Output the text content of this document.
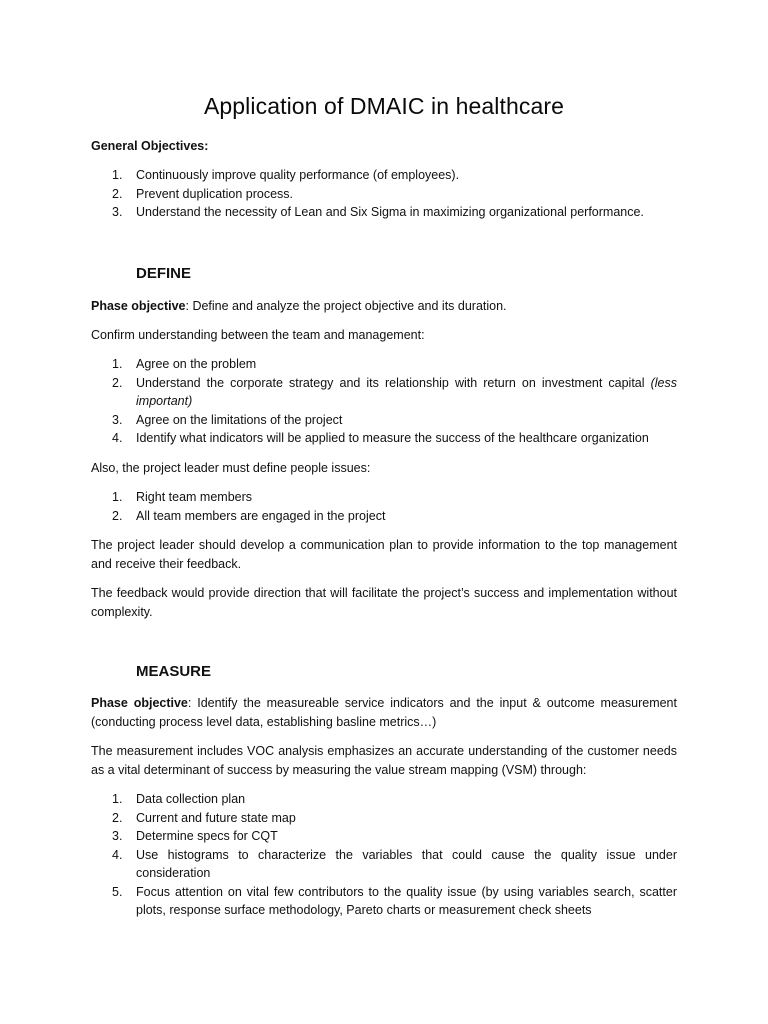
Application of DMAIC in healthcare
General Objectives:
1. Continuously improve quality performance (of employees).
2. Prevent duplication process.
3. Understand the necessity of Lean and Six Sigma in maximizing organizational performance.
DEFINE
Phase objective: Define and analyze the project objective and its duration.
Confirm understanding between the team and management:
1. Agree on the problem
2. Understand the corporate strategy and its relationship with return on investment capital (less important)
3. Agree on the limitations of the project
4. Identify what indicators will be applied to measure the success of the healthcare organization
Also, the project leader must define people issues:
1. Right team members
2. All team members are engaged in the project
The project leader should develop a communication plan to provide information to the top management and receive their feedback.
The feedback would provide direction that will facilitate the project’s success and implementation without complexity.
MEASURE
Phase objective: Identify the measureable service indicators and the input & outcome measurement (conducting process level data, establishing basline metrics…)
The measurement includes VOC analysis emphasizes an accurate understanding of the customer needs as a vital determinant of success by measuring the value stream mapping (VSM) through:
1. Data collection plan
2. Current and future state map
3. Determine specs for CQT
4. Use histograms to characterize the variables that could cause the quality issue under consideration
5. Focus attention on vital few contributors to the quality issue (by using variables search, scatter plots, response surface methodology, Pareto charts or measurement check sheets
